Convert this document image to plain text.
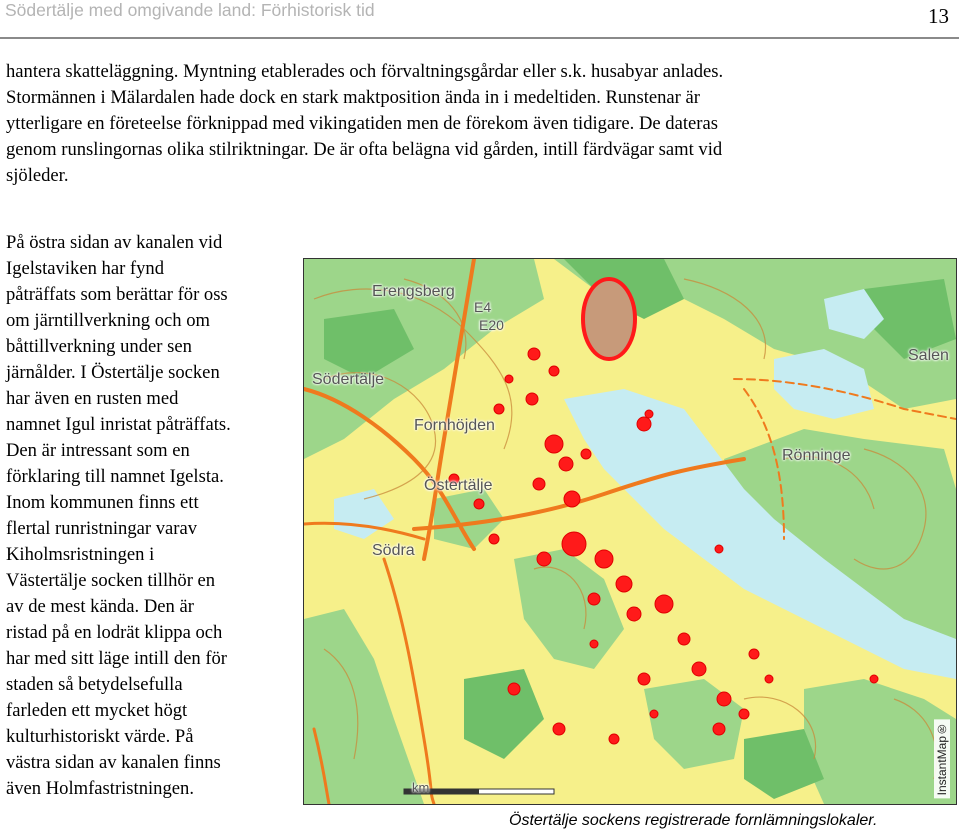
Södertälje med omgivande land: Förhistorisk tid	13

hantera skatteläggning. Myntning etablerades och förvaltningsgårdar eller s.k. husabyar anlades.
Stormännen i Mälardalen hade dock en stark maktposition ända in i medeltiden. Runstenar är
ytterligare en företeelse förknippad med vikingatiden men de förekom även tidigare. De dateras
genom runslingornas olika stilriktningar. De är ofta belägna vid gården, intill färdvägar samt vid
sjöleder.

På östra sidan av kanalen vid
Igelstaviken har fynd
påträffats som berättar för oss
om järntillverkning och om
båttillverkning under sen
järnålder. I Östertälje socken
har även en rusten med
namnet Igul inristat påträffats.
Den är intressant som en
förklaring till namnet Igelsta.
Inom kommunen finns ett
flertal runristningar varav
Kiholmsristningen i
Västertälje socken tillhör en
av de mest kända. Den är
ristad på en lodrät klippa och
har med sitt läge intill den för
staden så betydelsefulla
farleden ett mycket högt
kulturhistoriskt värde. På
västra sidan av kanalen finns
även Holmfastristningen.

Erengsberg
E4
E20
Södertälje
Salen
Fornhöjden
Rönninge
Östertälje
Södra
km	InstantMap®
Östertälje sockens registrerade fornlämningslokaler.
